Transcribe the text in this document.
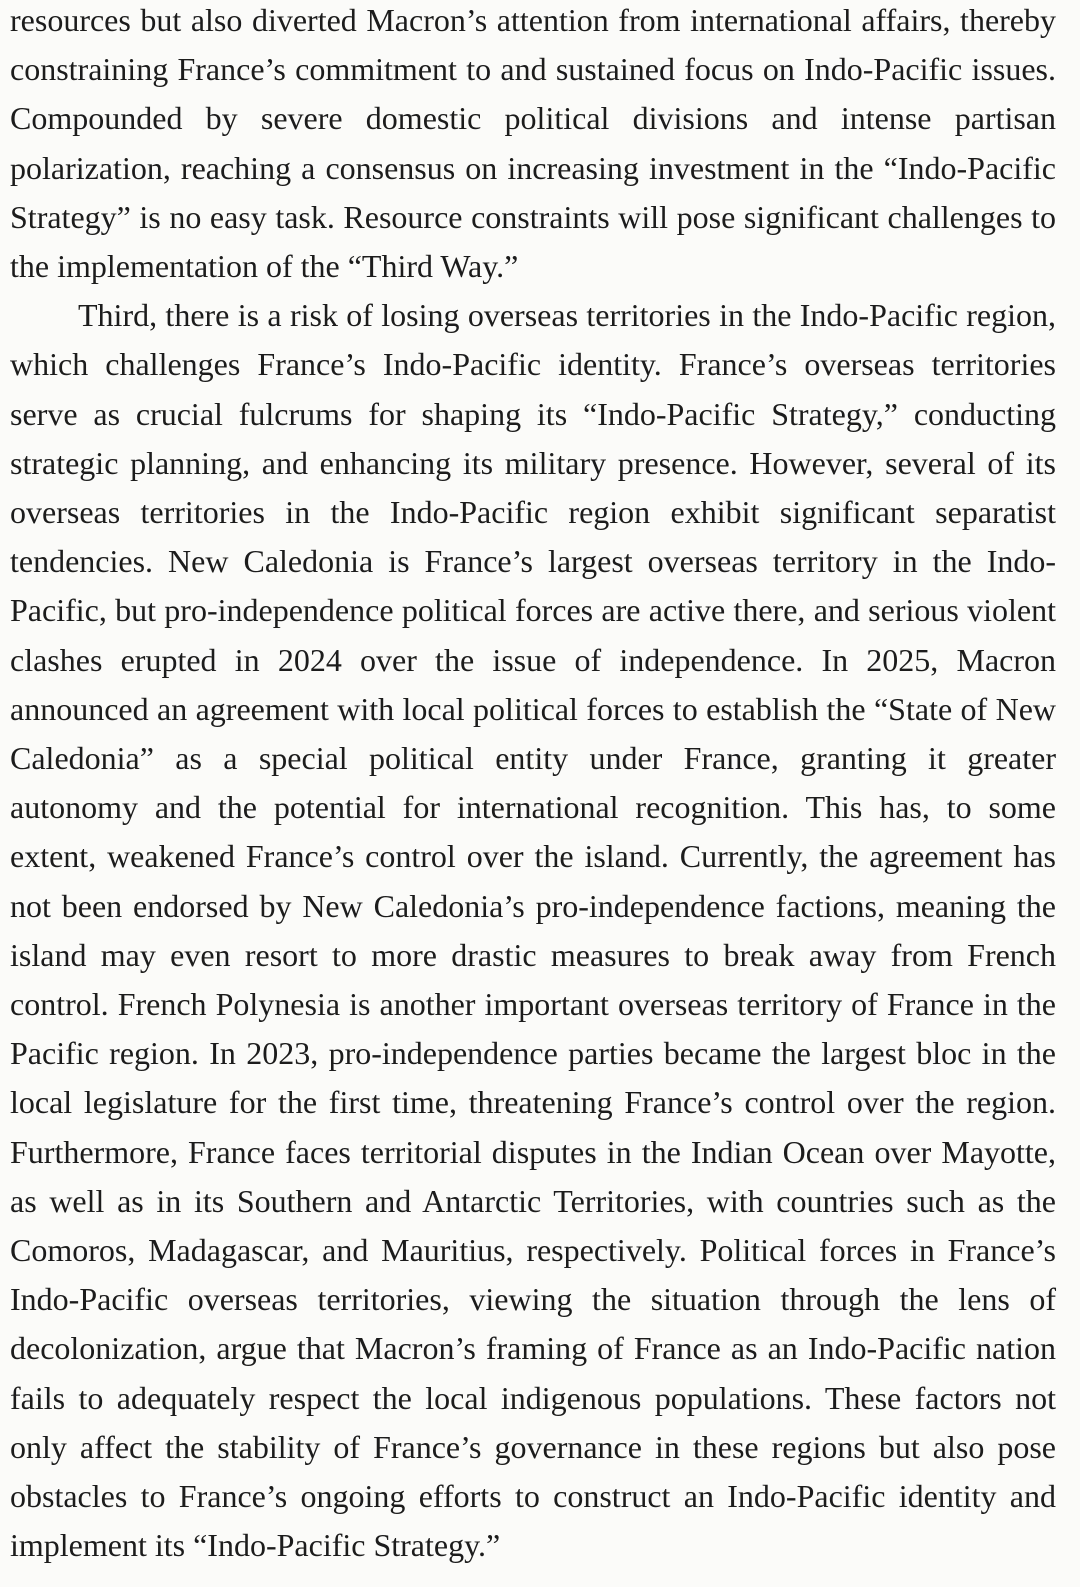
resources but also diverted Macron’s attention from international affairs, thereby constraining France’s commitment to and sustained focus on Indo-Pacific issues. Compounded by severe domestic political divisions and intense partisan polarization, reaching a consensus on increasing investment in the “Indo-Pacific Strategy” is no easy task. Resource constraints will pose significant challenges to the implementation of the “Third Way.”

Third, there is a risk of losing overseas territories in the Indo-Pacific region, which challenges France’s Indo-Pacific identity. France’s overseas territories serve as crucial fulcrums for shaping its “Indo-Pacific Strategy,” conducting strategic planning, and enhancing its military presence. However, several of its overseas territories in the Indo-Pacific region exhibit significant separatist tendencies. New Caledonia is France’s largest overseas territory in the Indo-Pacific, but pro-independence political forces are active there, and serious violent clashes erupted in 2024 over the issue of independence. In 2025, Macron announced an agreement with local political forces to establish the “State of New Caledonia” as a special political entity under France, granting it greater autonomy and the potential for international recognition. This has, to some extent, weakened France’s control over the island. Currently, the agreement has not been endorsed by New Caledonia’s pro-independence factions, meaning the island may even resort to more drastic measures to break away from French control. French Polynesia is another important overseas territory of France in the Pacific region. In 2023, pro-independence parties became the largest bloc in the local legislature for the first time, threatening France’s control over the region. Furthermore, France faces territorial disputes in the Indian Ocean over Mayotte, as well as in its Southern and Antarctic Territories, with countries such as the Comoros, Madagascar, and Mauritius, respectively. Political forces in France’s Indo-Pacific overseas territories, viewing the situation through the lens of decolonization, argue that Macron’s framing of France as an Indo-Pacific nation fails to adequately respect the local indigenous populations. These factors not only affect the stability of France’s governance in these regions but also pose obstacles to France’s ongoing efforts to construct an Indo-Pacific identity and implement its “Indo-Pacific Strategy.”
